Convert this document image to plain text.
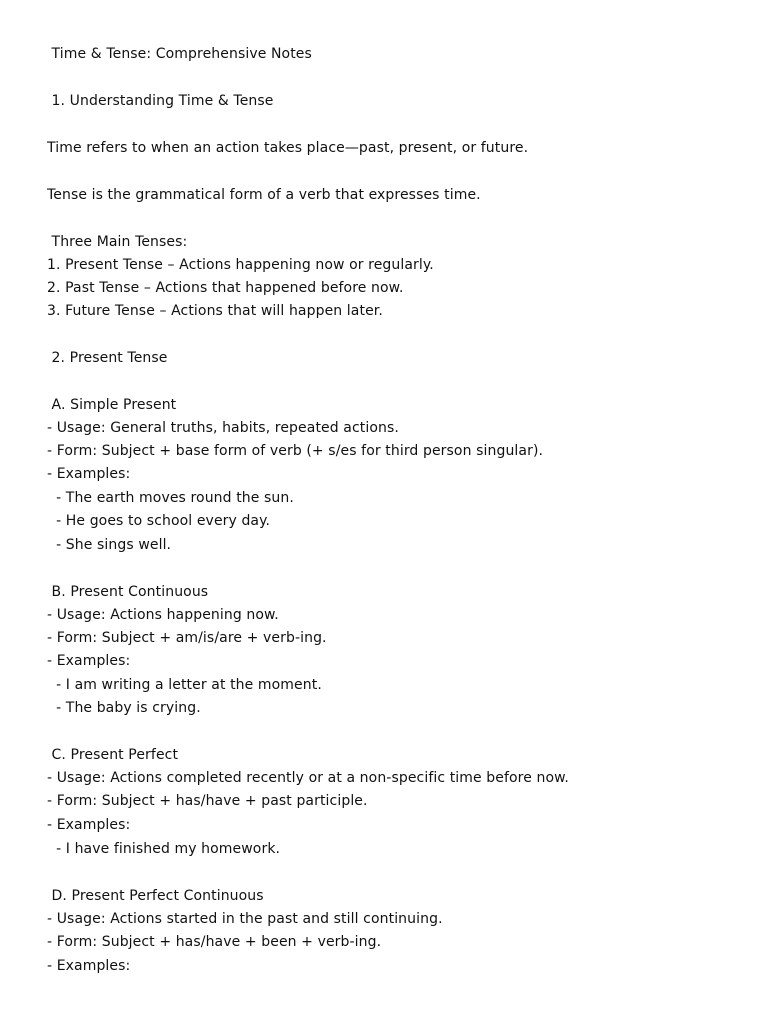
Time & Tense: Comprehensive Notes
1. Understanding Time & Tense
Time refers to when an action takes place—past, present, or future.
Tense is the grammatical form of a verb that expresses time.
Three Main Tenses:
1. Present Tense – Actions happening now or regularly.
2. Past Tense – Actions that happened before now.
3. Future Tense – Actions that will happen later.
2. Present Tense
A. Simple Present
- Usage: General truths, habits, repeated actions.
- Form: Subject + base form of verb (+ s/es for third person singular).
- Examples:
- The earth moves round the sun.
- He goes to school every day.
- She sings well.
B. Present Continuous
- Usage: Actions happening now.
- Form: Subject + am/is/are + verb-ing.
- Examples:
- I am writing a letter at the moment.
- The baby is crying.
C. Present Perfect
- Usage: Actions completed recently or at a non-specific time before now.
- Form: Subject + has/have + past participle.
- Examples:
- I have finished my homework.
D. Present Perfect Continuous
- Usage: Actions started in the past and still continuing.
- Form: Subject + has/have + been + verb-ing.
- Examples:
